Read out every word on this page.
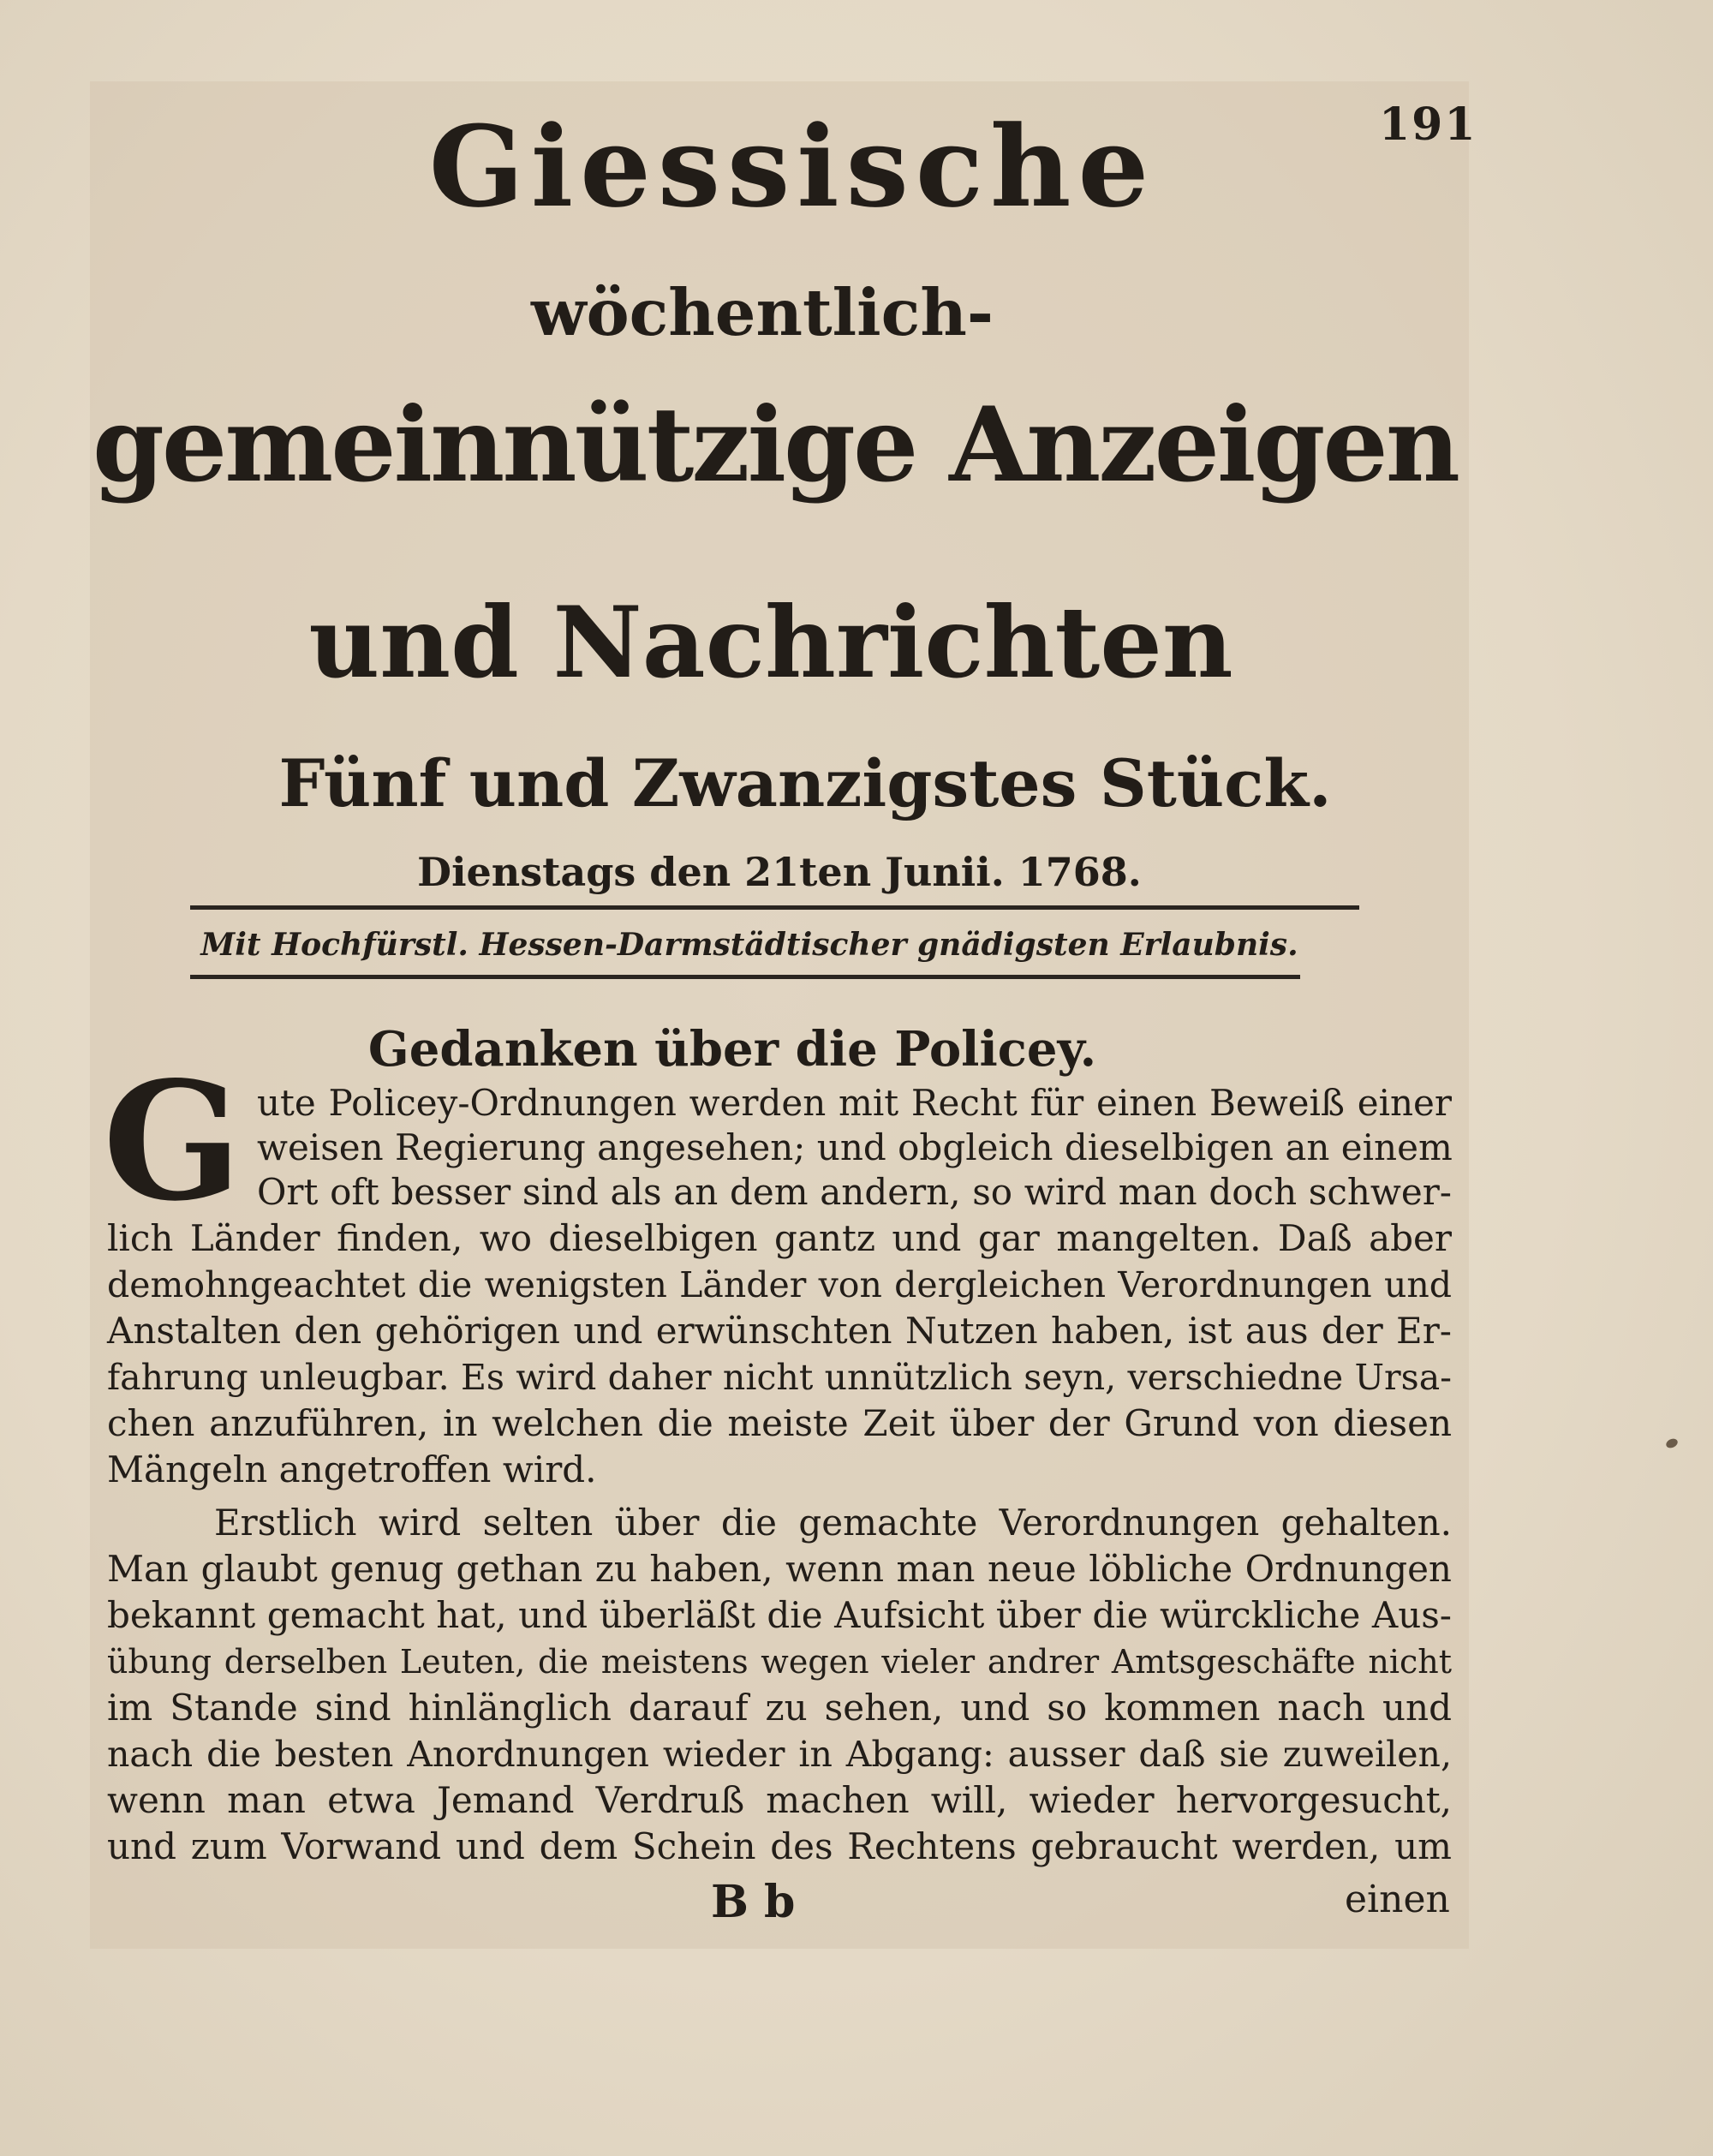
191
Giessische
wöchentlich-
gemeinnützige Anzeigen
und Nachrichten
Fünf und Zwanzigstes Stück.
Dienstags den 21ten Junii. 1768.
Mit Hochfürstl. Hessen-Darmstädtischer gnädigsten Erlaubnis.
Gedanken über die Policey.
G ute Policey-Ordnungen werden mit Recht für einen Beweiß einer
weisen Regierung angesehen; und obgleich dieselbigen an einem
Ort oft besser sind als an dem andern, so wird man doch schwer-
lich Länder finden, wo dieselbigen gantz und gar mangelten. Daß aber
demohngeachtet die wenigsten Länder von dergleichen Verordnungen und
Anstalten den gehörigen und erwünschten Nutzen haben, ist aus der Er-
fahrung unleugbar. Es wird daher nicht unnützlich seyn, verschiedne Ursa-
chen anzuführen, in welchen die meiste Zeit über der Grund von diesen
Mängeln angetroffen wird.
Erstlich wird selten über die gemachte Verordnungen gehalten.
Man glaubt genug gethan zu haben, wenn man neue löbliche Ordnungen
bekannt gemacht hat, und überläßt die Aufsicht über die würckliche Aus-
übung derselben Leuten, die meistens wegen vieler andrer Amtsgeschäfte nicht
im Stande sind hinlänglich darauf zu sehen, und so kommen nach und
nach die besten Anordnungen wieder in Abgang: ausser daß sie zuweilen,
wenn man etwa Jemand Verdruß machen will, wieder hervorgesucht,
und zum Vorwand und dem Schein des Rechtens gebraucht werden, um
B b	einen
